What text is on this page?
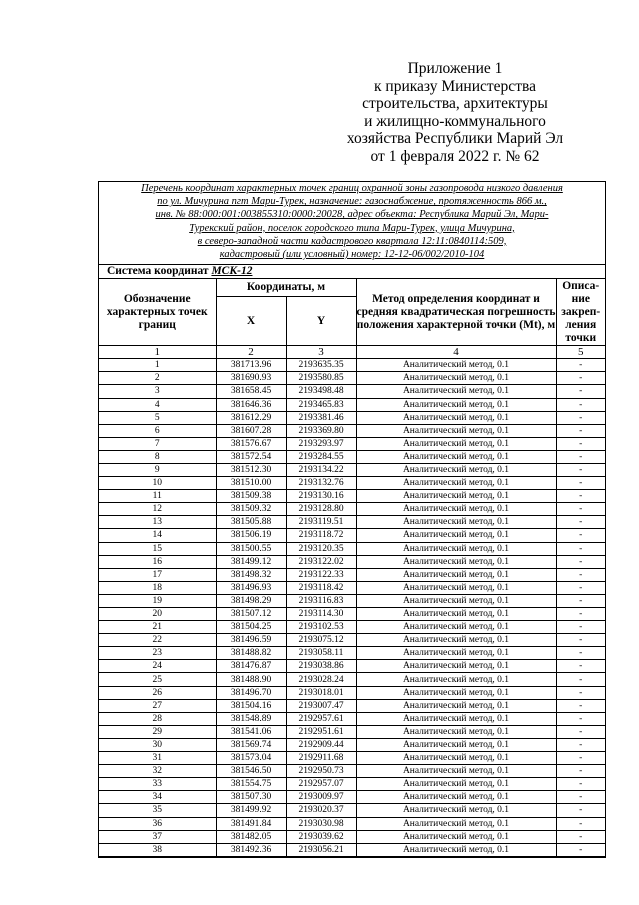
Приложение 1
к приказу Министерства
строительства, архитектуры
и жилищно-коммунального
хозяйства Республики Марий Эл
от 1 февраля 2022 г. № 62
Перечень координат характерных точек границ охранной зоны газопровода низкого давления
по ул. Мичурина пгт Мари-Турек, назначение: газоснабжение, протяженность 866 м.,
инв. № 88:000:001:003855310:0000:20028, адрес объекта: Республика Марий Эл, Мари-
Турекский район, поселок городского типа Мари-Турек, улица Мичурина,
в северо-западной части кадастрового квартала 12:11:0840114:509,
кадастровый (или условный) номер: 12-12-06/002/2010-104
Система координат МСК-12
Обозначение характерных точек границ	Координаты, м		Метод определения координат и средняя квадратическая погрешность положения характерной точки (Mt), м	Описа- ние закреп- ления точки
	X	Y		
1	2	3	4	5
1	381713.96	2193635.35	Аналитический метод, 0.1	-
2	381690.93	2193580.85	Аналитический метод, 0.1	-
3	381658.45	2193498.48	Аналитический метод, 0.1	-
4	381646.36	2193465.83	Аналитический метод, 0.1	-
5	381612.29	2193381.46	Аналитический метод, 0.1	-
6	381607.28	2193369.80	Аналитический метод, 0.1	-
7	381576.67	2193293.97	Аналитический метод, 0.1	-
8	381572.54	2193284.55	Аналитический метод, 0.1	-
9	381512.30	2193134.22	Аналитический метод, 0.1	-
10	381510.00	2193132.76	Аналитический метод, 0.1	-
11	381509.38	2193130.16	Аналитический метод, 0.1	-
12	381509.32	2193128.80	Аналитический метод, 0.1	-
13	381505.88	2193119.51	Аналитический метод, 0.1	-
14	381506.19	2193118.72	Аналитический метод, 0.1	-
15	381500.55	2193120.35	Аналитический метод, 0.1	-
16	381499.12	2193122.02	Аналитический метод, 0.1	-
17	381498.32	2193122.33	Аналитический метод, 0.1	-
18	381496.93	2193118.42	Аналитический метод, 0.1	-
19	381498.29	2193116.83	Аналитический метод, 0.1	-
20	381507.12	2193114.30	Аналитический метод, 0.1	-
21	381504.25	2193102.53	Аналитический метод, 0.1	-
22	381496.59	2193075.12	Аналитический метод, 0.1	-
23	381488.82	2193058.11	Аналитический метод, 0.1	-
24	381476.87	2193038.86	Аналитический метод, 0.1	-
25	381488.90	2193028.24	Аналитический метод, 0.1	-
26	381496.70	2193018.01	Аналитический метод, 0.1	-
27	381504.16	2193007.47	Аналитический метод, 0.1	-
28	381548.89	2192957.61	Аналитический метод, 0.1	-
29	381541.06	2192951.61	Аналитический метод, 0.1	-
30	381569.74	2192909.44	Аналитический метод, 0.1	-
31	381573.04	2192911.68	Аналитический метод, 0.1	-
32	381546.50	2192950.73	Аналитический метод, 0.1	-
33	381554.75	2192957.07	Аналитический метод, 0.1	-
34	381507.30	2193009.97	Аналитический метод, 0.1	-
35	381499.92	2193020.37	Аналитический метод, 0.1	-
36	381491.84	2193030.98	Аналитический метод, 0.1	-
37	381482.05	2193039.62	Аналитический метод, 0.1	-
38	381492.36	2193056.21	Аналитический метод, 0.1	-
